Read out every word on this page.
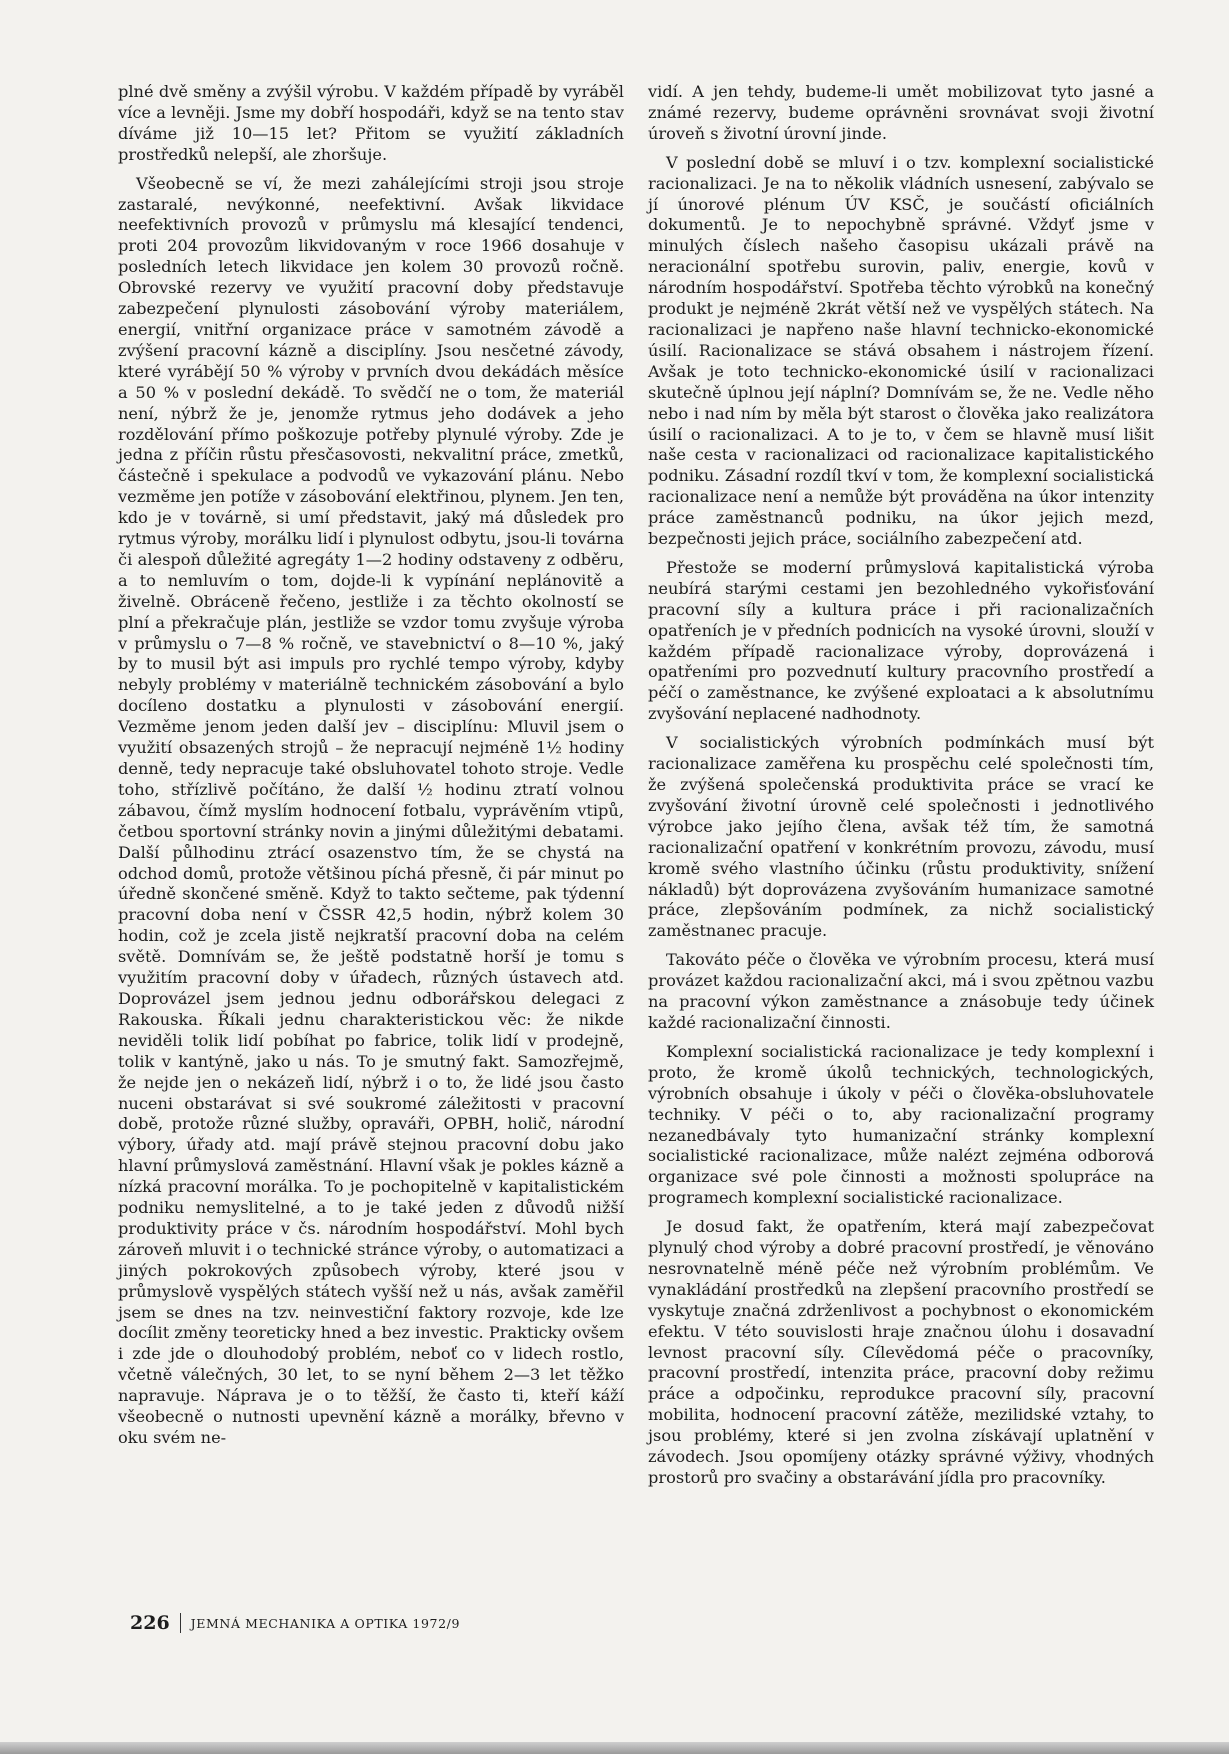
plné dvě směny a zvýšil výrobu. V každém případě by vyráběl více a levněji. Jsme my dobří hospodáři, když se na tento stav díváme již 10—15 let? Přitom se využití základních prostředků nelepší, ale zhoršuje.

Všeobecně se ví, že mezi zahálejícími stroji jsou stroje zastaralé, nevýkonné, neefektivní. Avšak likvidace neefektivních provozů v průmyslu má klesající tendenci, proti 204 provozům likvidovaným v roce 1966 dosahuje v posledních letech likvidace jen kolem 30 provozů ročně. Obrovské rezervy ve využití pracovní doby představuje zabezpečení plynulosti zásobování výroby materiálem, energií, vnitřní organizace práce v samotném závodě a zvýšení pracovní kázně a disciplíny. Jsou nesčetné závody, které vyrábějí 50 % výroby v prvních dvou dekádách měsíce a 50 % v poslední dekádě. To svědčí ne o tom, že materiál není, nýbrž že je, jenomže rytmus jeho dodávek a jeho rozdělování přímo poškozuje potřeby plynulé výroby. Zde je jedna z příčin růstu přesčasovosti, nekvalitní práce, zmetků, částečně i spekulace a podvodů ve vykazování plánu. Nebo vezměme jen potíže v zásobování elektřinou, plynem. Jen ten, kdo je v továrně, si umí představit, jaký má důsledek pro rytmus výroby, morálku lidí i plynulost odbytu, jsou-li továrna či alespoň důležité agregáty 1—2 hodiny odstaveny z odběru, a to nemluvím o tom, dojde-li k vypínání neplánovitě a živelně. Obráceně řečeno, jestliže i za těchto okolností se plní a překračuje plán, jestliže se vzdor tomu zvyšuje výroba v průmyslu o 7—8 % ročně, ve stavebnictví o 8—10 %, jaký by to musil být asi impuls pro rychlé tempo výroby, kdyby nebyly problémy v materiálně technickém zásobování a bylo docíleno dostatku a plynulosti v zásobování energií. Vezměme jenom jeden další jev – disciplínu: Mluvil jsem o využití obsazených strojů – že nepracují nejméně 1½ hodiny denně, tedy nepracuje také obsluhovatel tohoto stroje. Vedle toho, střízlivě počítáno, že další ½ hodinu ztratí volnou zábavou, čímž myslím hodnocení fotbalu, vyprávěním vtipů, četbou sportovní stránky novin a jinými důležitými debatami. Další půlhodinu ztrácí osazenstvo tím, že se chystá na odchod domů, protože většinou píchá přesně, či pár minut po úředně skončené směně. Když to takto sečteme, pak týdenní pracovní doba není v ČSSR 42,5 hodin, nýbrž kolem 30 hodin, což je zcela jistě nejkratší pracovní doba na celém světě. Domnívám se, že ještě podstatně horší je tomu s využitím pracovní doby v úřadech, různých ústavech atd. Doprovázel jsem jednou jednu odborářskou delegaci z Rakouska. Říkali jednu charakteristickou věc: že nikde neviděli tolik lidí pobíhat po fabrice, tolik lidí v prodejně, tolik v kantýně, jako u nás. To je smutný fakt. Samozřejmě, že nejde jen o nekázeň lidí, nýbrž i o to, že lidé jsou často nuceni obstarávat si své soukromé záležitosti v pracovní době, protože různé služby, opraváři, OPBH, holič, národní výbory, úřady atd. mají právě stejnou pracovní dobu jako hlavní průmyslová zaměstnání. Hlavní však je pokles kázně a nízká pracovní morálka. To je pochopitelně v kapitalistickém podniku nemyslitelné, a to je také jeden z důvodů nižší produktivity práce v čs. národním hospodářství. Mohl bych zároveň mluvit i o technické stránce výroby, o automatizaci a jiných pokrokových způsobech výroby, které jsou v průmyslově vyspělých státech vyšší než u nás, avšak zaměřil jsem se dnes na tzv. neinvestiční faktory rozvoje, kde lze docílit změny teoreticky hned a bez investic. Prakticky ovšem i zde jde o dlouhodobý problém, neboť co v lidech rostlo, včetně válečných, 30 let, to se nyní během 2—3 let těžko napravuje. Náprava je o to těžší, že často ti, kteří káží všeobecně o nutnosti upevnění kázně a morálky, břevno v oku svém ne-

vidí. A jen tehdy, budeme-li umět mobilizovat tyto jasné a známé rezervy, budeme oprávněni srovnávat svoji životní úroveň s životní úrovní jinde.

V poslední době se mluví i o tzv. komplexní socialistické racionalizaci. Je na to několik vládních usnesení, zabývalo se jí únorové plénum ÚV KSČ, je součástí oficiálních dokumentů. Je to nepochybně správné. Vždyť jsme v minulých číslech našeho časopisu ukázali právě na neracionální spotřebu surovin, paliv, energie, kovů v národním hospodářství. Spotřeba těchto výrobků na konečný produkt je nejméně 2krát větší než ve vyspělých státech. Na racionalizaci je napřeno naše hlavní technicko-ekonomické úsilí. Racionalizace se stává obsahem i nástrojem řízení. Avšak je toto technicko-ekonomické úsilí v racionalizaci skutečně úplnou její náplní? Domnívám se, že ne. Vedle něho nebo i nad ním by měla být starost o člověka jako realizátora úsilí o racionalizaci. A to je to, v čem se hlavně musí lišit naše cesta v racionalizaci od racionalizace kapitalistického podniku. Zásadní rozdíl tkví v tom, že komplexní socialistická racionalizace není a nemůže být prováděna na úkor intenzity práce zaměstnanců podniku, na úkor jejich mezd, bezpečnosti jejich práce, sociálního zabezpečení atd.

Přestože se moderní průmyslová kapitalistická výroba neubírá starými cestami jen bezohledného vykořisťování pracovní síly a kultura práce i při racionalizačních opatřeních je v předních podnicích na vysoké úrovni, slouží v každém případě racionalizace výroby, doprovázená i opatřeními pro pozvednutí kultury pracovního prostředí a péčí o zaměstnance, ke zvýšené exploataci a k absolutnímu zvyšování neplacené nadhodnoty.

V socialistických výrobních podmínkách musí být racionalizace zaměřena ku prospěchu celé společnosti tím, že zvýšená společenská produktivita práce se vrací ke zvyšování životní úrovně celé společnosti i jednotlivého výrobce jako jejího člena, avšak též tím, že samotná racionalizační opatření v konkrétním provozu, závodu, musí kromě svého vlastního účinku (růstu produktivity, snížení nákladů) být doprovázena zvyšováním humanizace samotné práce, zlepšováním podmínek, za nichž socialistický zaměstnanec pracuje.

Takováto péče o člověka ve výrobním procesu, která musí provázet každou racionalizační akci, má i svou zpětnou vazbu na pracovní výkon zaměstnance a znásobuje tedy účinek každé racionalizační činnosti.

Komplexní socialistická racionalizace je tedy komplexní i proto, že kromě úkolů technických, technologických, výrobních obsahuje i úkoly v péči o člověka-obsluhovatele techniky. V péči o to, aby racionalizační programy nezanedbávaly tyto humanizační stránky komplexní socialistické racionalizace, může nalézt zejména odborová organizace své pole činnosti a možnosti spolupráce na programech komplexní socialistické racionalizace.

Je dosud fakt, že opatřením, která mají zabezpečovat plynulý chod výroby a dobré pracovní prostředí, je věnováno nesrovnatelně méně péče než výrobním problémům. Ve vynakládání prostředků na zlepšení pracovního prostředí se vyskytuje značná zdrženlivost a pochybnost o ekonomickém efektu. V této souvislosti hraje značnou úlohu i dosavadní levnost pracovní síly. Cílevědomá péče o pracovníky, pracovní prostředí, intenzita práce, pracovní doby režimu práce a odpočinku, reprodukce pracovní síly, pracovní mobilita, hodnocení pracovní zátěže, mezilidské vztahy, to jsou problémy, které si jen zvolna získávají uplatnění v závodech. Jsou opomíjeny otázky správné výživy, vhodných prostorů pro svačiny a obstarávání jídla pro pracovníky.

226 JEMNÁ MECHANIKA A OPTIKA 1972/9
